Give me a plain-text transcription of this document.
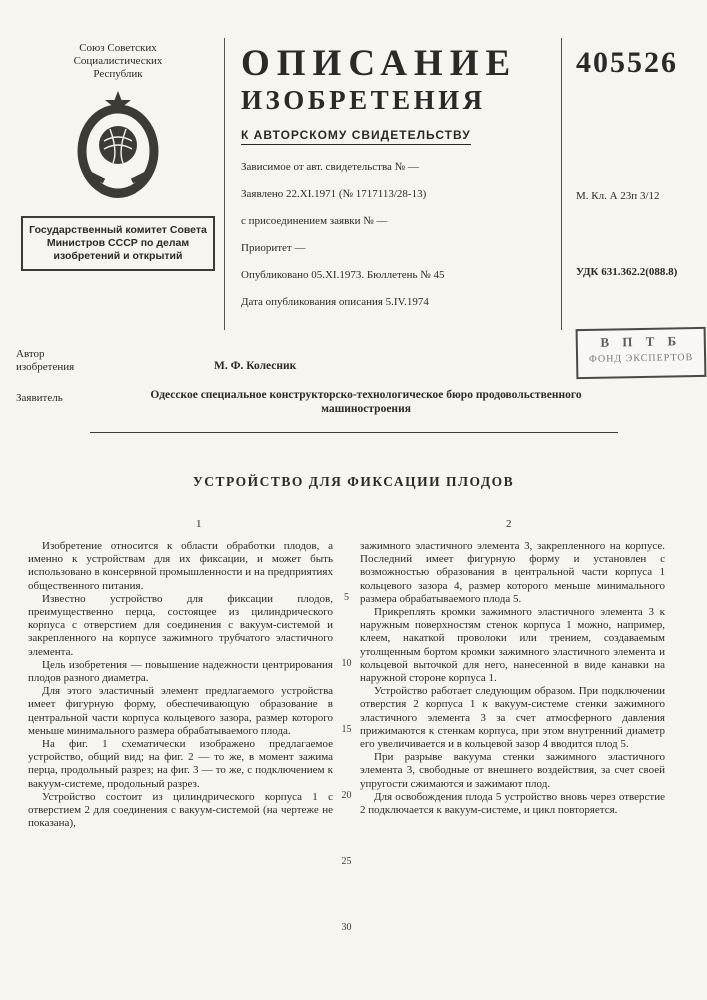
Союз Советских Социалистических Республик
Государственный комитет Совета Министров СССР по делам изобретений и открытий
ОПИСАНИЕ
ИЗОБРЕТЕНИЯ
К АВТОРСКОМУ СВИДЕТЕЛЬСТВУ
Зависимое от авт. свидетельства № —
Заявлено 22.XI.1971 (№ 1717113/28-13)
с присоединением заявки № —
Приоритет —
Опубликовано 05.XI.1973. Бюллетень № 45
Дата опубликования описания 5.IV.1974
405526
М. Кл. А 23п 3/12
УДК 631.362.2(088.8)
В П Т Б
ФОНД ЭКСПЕРТОВ
Автор изобретения	М. Ф. Колесник
Заявитель	Одесское специальное конструкторско-технологическое бюро продовольственного машиностроения
УСТРОЙСТВО ДЛЯ ФИКСАЦИИ ПЛОДОВ
1	2

Изобретение относится к области обработки плодов, а именно к устройствам для их фиксации, и может быть использовано в консервной промышленности и на предприятиях общественного питания.

Известно устройство для фиксации плодов, преимущественно перца, состоящее из цилиндрического корпуса с отверстием для соединения с вакуум-системой и закрепленного на корпусе зажимного трубчатого эластичного элемента.

Цель изобретения — повышение надежности центрирования плодов разного диаметра.

Для этого эластичный элемент предлагаемого устройства имеет фигурную форму, обеспечивающую образование в центральной части корпуса кольцевого зазора, размер которого меньше минимального размера обрабатываемого плода.

На фиг. 1 схематически изображено предлагаемое устройство, общий вид; на фиг. 2 — то же, в момент зажима перца, продольный разрез; на фиг. 3 — то же, с подключением к вакуум-системе, продольный разрез.

Устройство состоит из цилиндрического корпуса 1 с отверстием 2 для соединения с вакуум-системой (на чертеже не показана),

5
10
15
20
25
30

зажимного эластичного элемента 3, закрепленного на корпусе. Последний имеет фигурную форму и установлен с возможностью образования в центральной части корпуса 1 кольцевого зазора 4, размер которого меньше минимального размера обрабатываемого плода 5.

Прикреплять кромки зажимного эластичного элемента 3 к наружным поверхностям стенок корпуса 1 можно, например, клеем, накаткой проволоки или трением, создаваемым утолщенным бортом кромки зажимного эластичного элемента и кольцевой выточкой для него, нанесенной в виде канавки на наружной стороне корпуса 1.

Устройство работает следующим образом. При подключении отверстия 2 корпуса 1 к вакуум-системе стенки зажимного эластичного элемента 3 за счет атмосферного давления прижимаются к стенкам корпуса, при этом внутренний диаметр его увеличивается и в кольцевой зазор 4 вводится плод 5.

При разрыве вакуума стенки зажимного эластичного элемента 3, свободные от внешнего воздействия, за счет своей упругости сжимаются и зажимают плод.

Для освобождения плода 5 устройство вновь через отверстие 2 подключается к вакуум-системе, и цикл повторяется.
